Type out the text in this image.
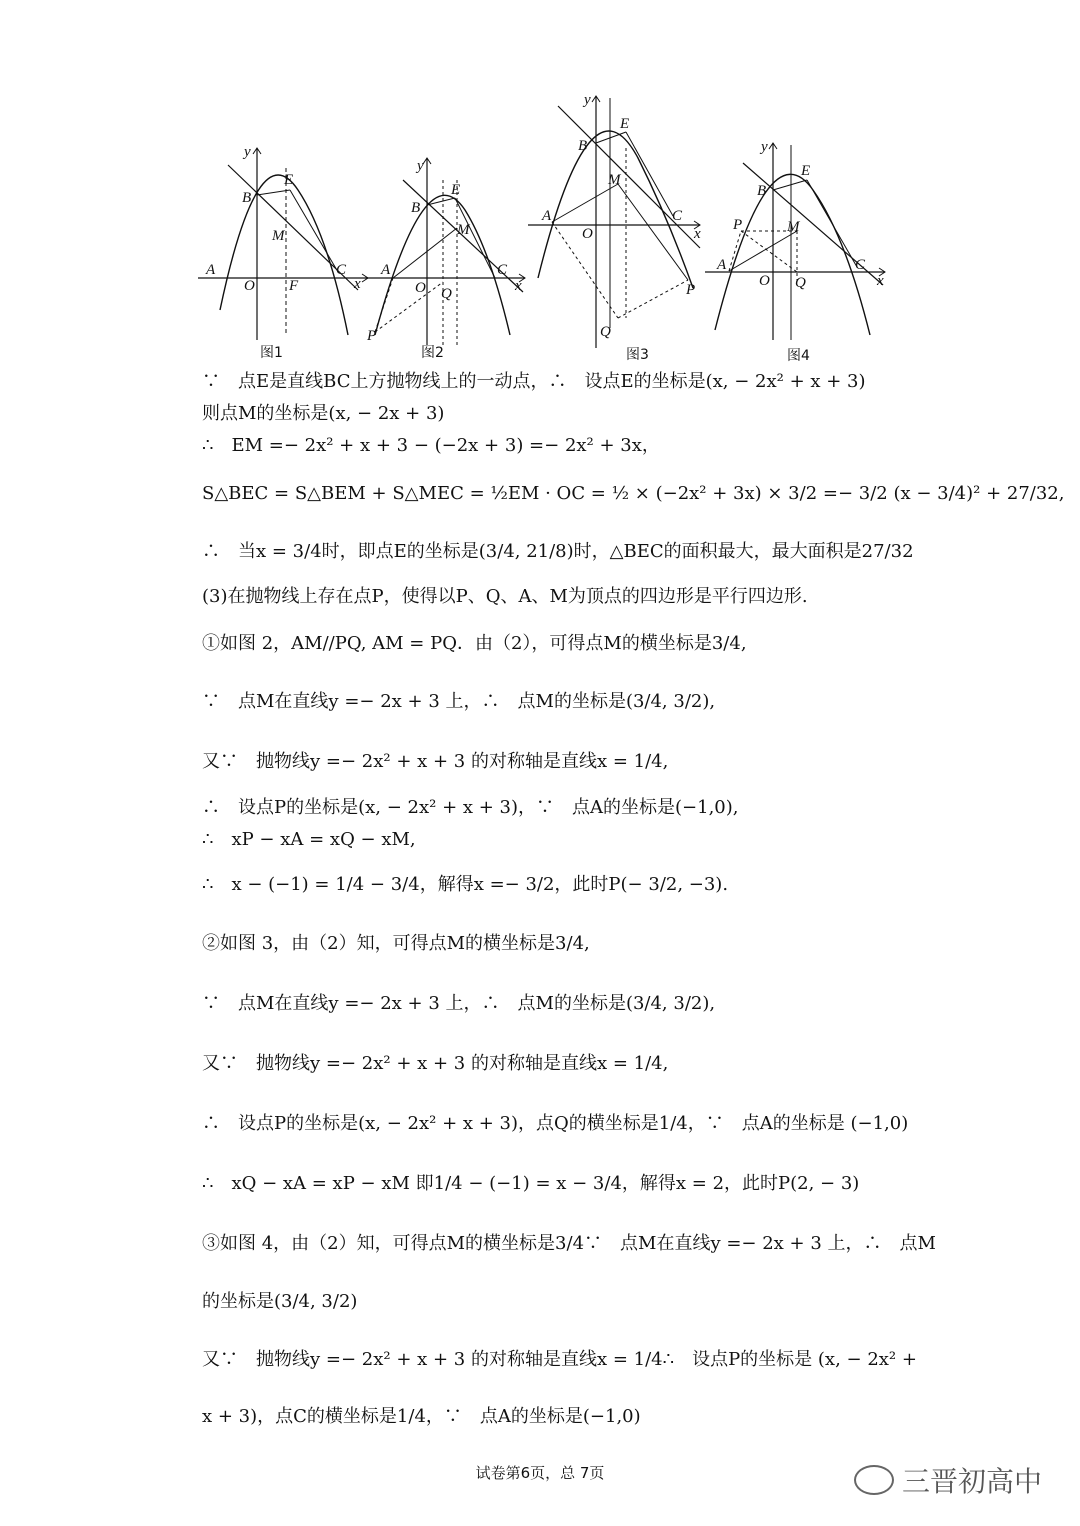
y
B
E
M
A
O F
C
x
图1
y
B
E
M
A
O Q
C
x
P
图2
y
B
E
M
A
O
C
x
P
Q
图3
y
B
E
P	M
A
O Q
C
x
图4
∵　点E是直线BC上方抛物线上的一动点，∴　设点E的坐标是(x, − 2x² + x + 3)
则点M的坐标是(x, − 2x + 3)
∴　EM =− 2x² + x + 3 − (−2x + 3) =− 2x² + 3x，
S△BEC = S△BEM + S△MEC = ½EM · OC = ½ × (−2x² + 3x) × 3/2 =− 3/2 (x − 3/4)² + 27/32,
∴　当x = 3/4时，即点E的坐标是(3/4, 21/8)时，△BEC的面积最大，最大面积是27/32
(3)在抛物线上存在点P，使得以P、Q、A、M为顶点的四边形是平行四边形.
①如图 2，AM//PQ, AM = PQ．由（2），可得点M的横坐标是3/4,
∵　点M在直线y =− 2x + 3 上，∴　点M的坐标是(3/4, 3/2),
又∵　抛物线y =− 2x² + x + 3 的对称轴是直线x = 1/4,
∴　设点P的坐标是(x, − 2x² + x + 3)，∵　点A的坐标是(−1,0),
∴　xP − xA = xQ − xM,
∴　x − (−1) = 1/4 − 3/4，解得x =− 3/2，此时P(− 3/2, −3).
②如图 3，由（2）知，可得点M的横坐标是3/4,
∵　点M在直线y =− 2x + 3 上，∴　点M的坐标是(3/4, 3/2),
又∵　抛物线y =− 2x² + x + 3 的对称轴是直线x = 1/4,
∴　设点P的坐标是(x, − 2x² + x + 3)，点Q的横坐标是1/4，∵　点A的坐标是 (−1,0)
∴　xQ − xA = xP − xM 即1/4 − (−1) = x − 3/4，解得x = 2，此时P(2, − 3)
③如图 4，由（2）知，可得点M的横坐标是3/4∵　点M在直线y =− 2x + 3 上，∴　点M
的坐标是(3/4, 3/2)
又∵　抛物线y =− 2x² + x + 3 的对称轴是直线x = 1/4∴　设点P的坐标是 (x, − 2x² +
x + 3)，点C的横坐标是1/4，∵　点A的坐标是(−1,0)
试卷第6页，总 7页	三晋初高中
